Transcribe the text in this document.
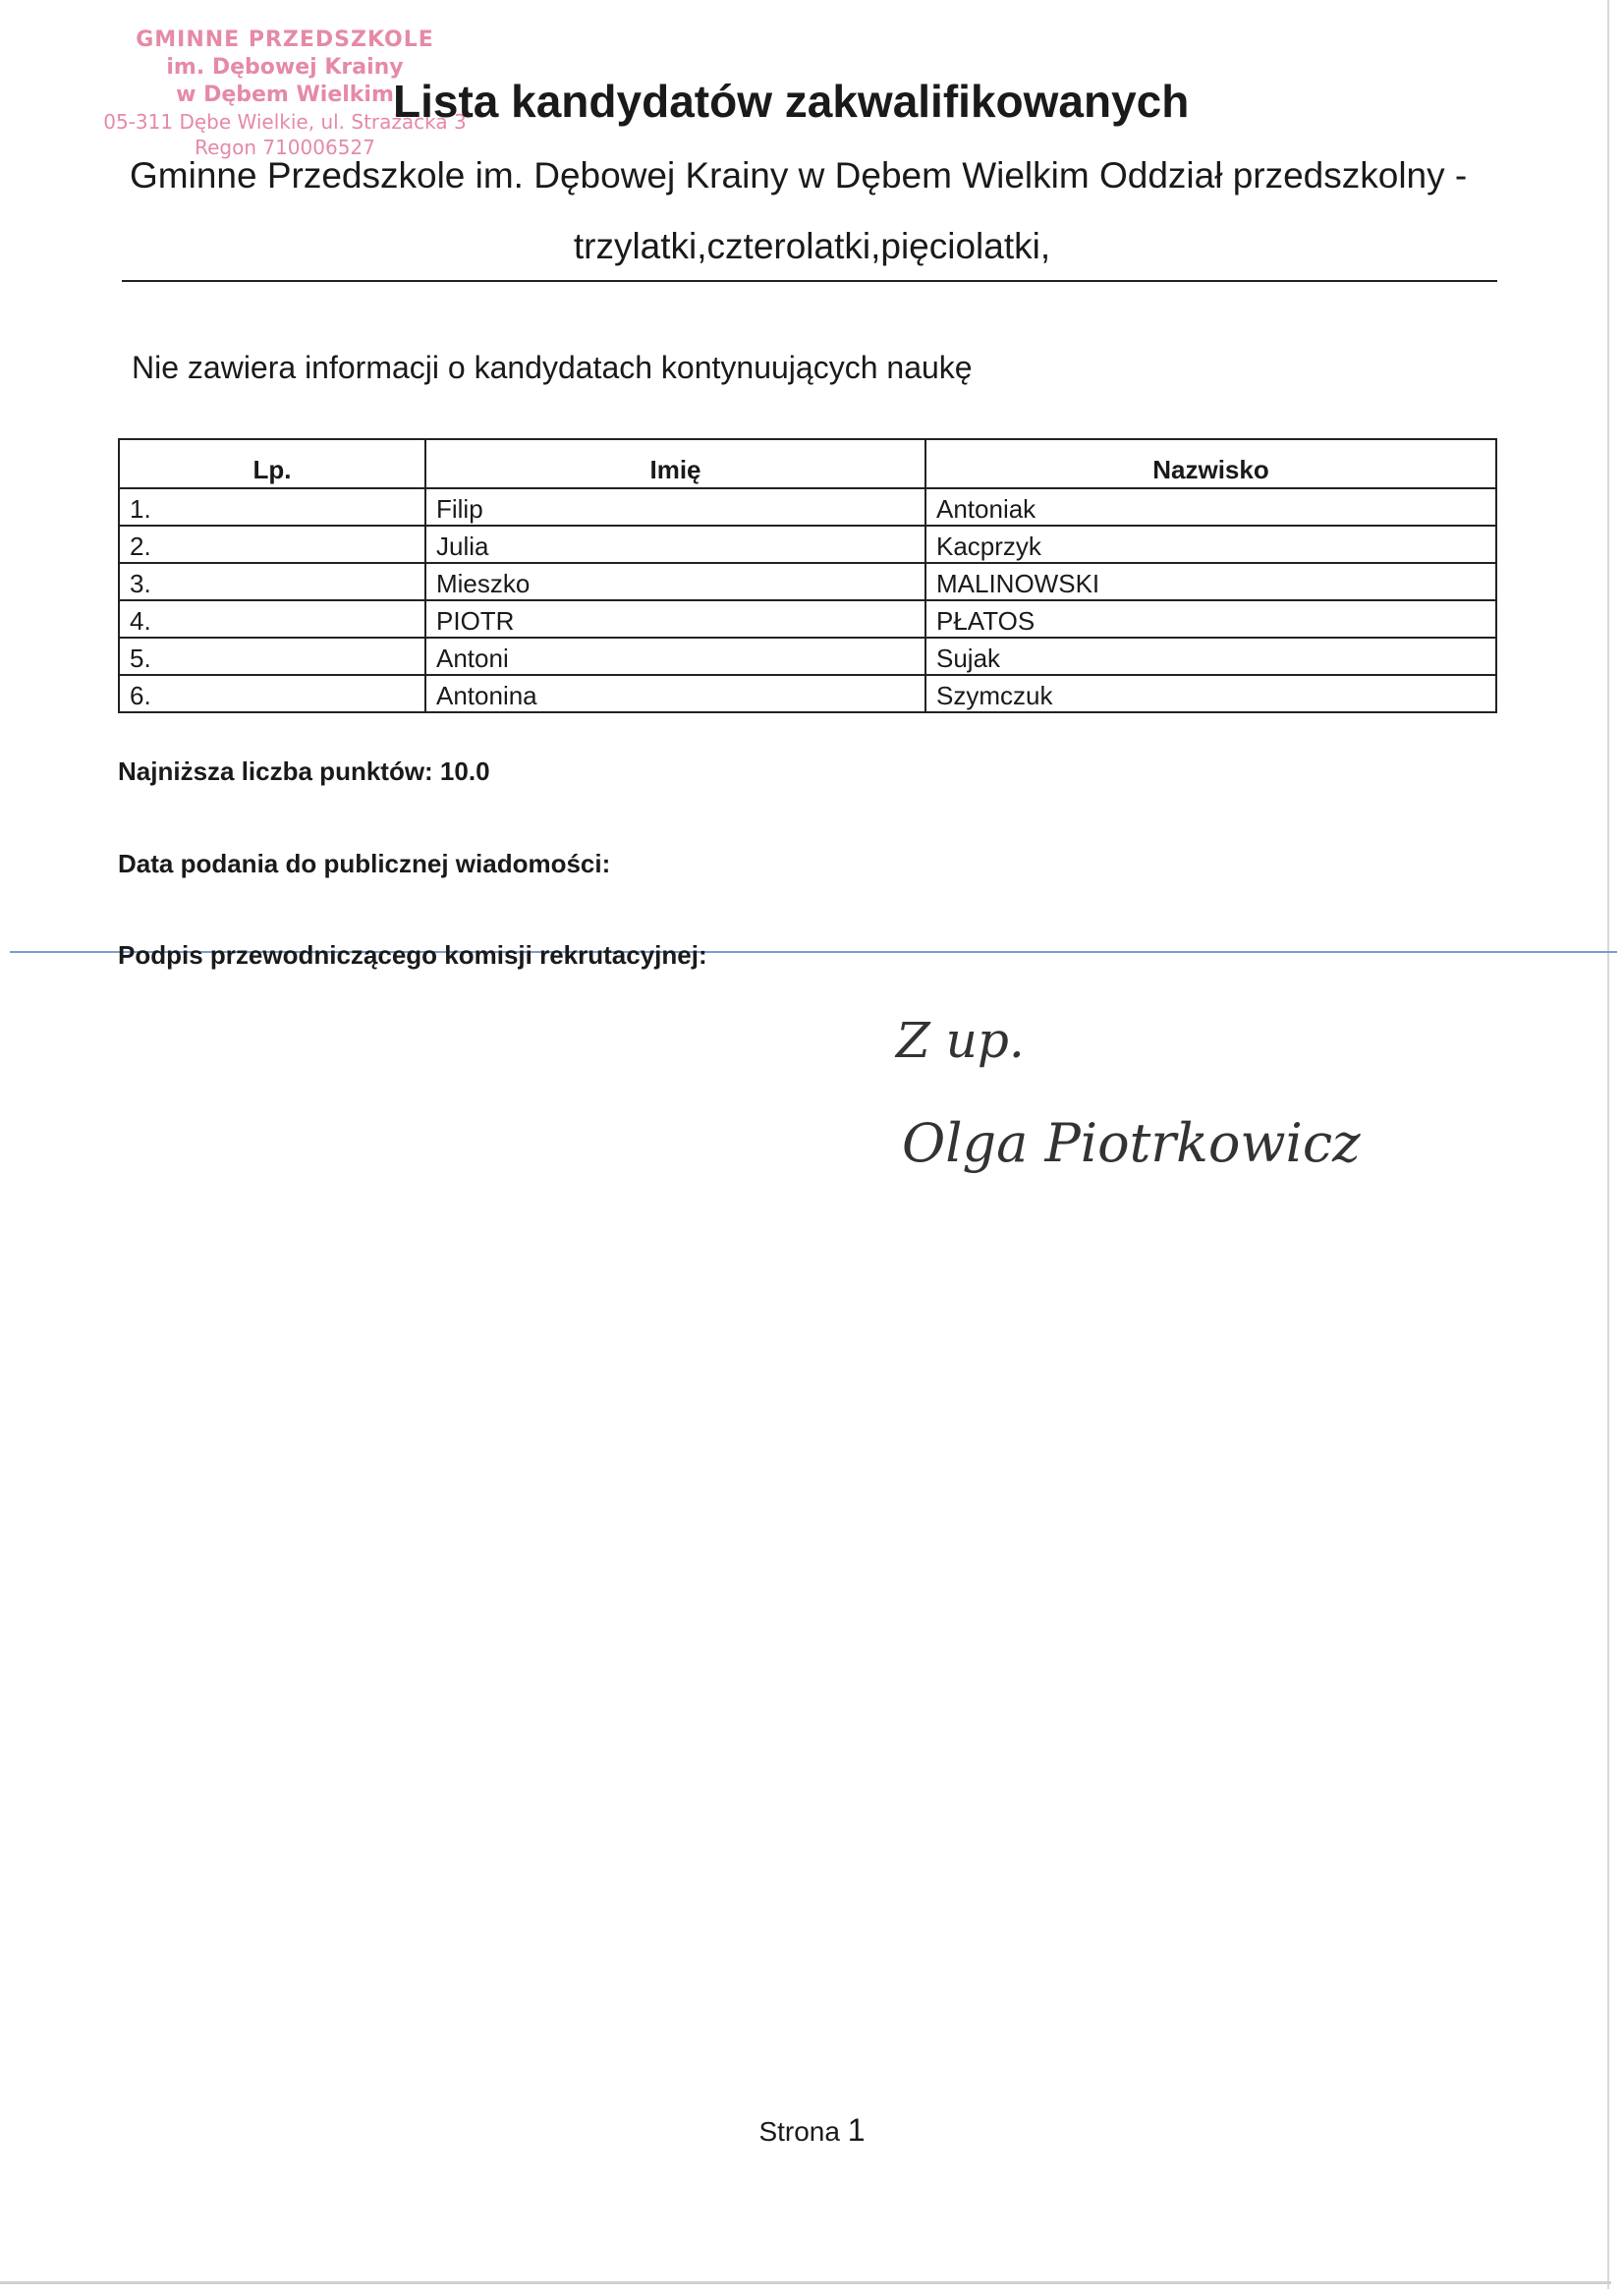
GMINNE PRZEDSZKOLE
im. Dębowej Krainy
w Dębem Wielkim
05-311 Dębe Wielkie, ul. Strażacka 3
Regon 710006527
Lista kandydatów zakwalifikowanych
Gminne Przedszkole im. Dębowej Krainy w Dębem Wielkim Oddział przedszkolny -
trzylatki,czterolatki,pięciolatki,
Nie zawiera informacji o kandydatach kontynuujących naukę
Lp.	Imię	Nazwisko
1.	Filip	Antoniak
2.	Julia	Kacprzyk
3.	Mieszko	MALINOWSKI
4.	PIOTR	PŁATOS
5.	Antoni	Sujak
6.	Antonina	Szymczuk
Najniższa liczba punktów: 10.0
Data podania do publicznej wiadomości:
Podpis przewodniczącego komisji rekrutacyjnej:
Z up.
Olga Piotrkowicz
Strona 1
